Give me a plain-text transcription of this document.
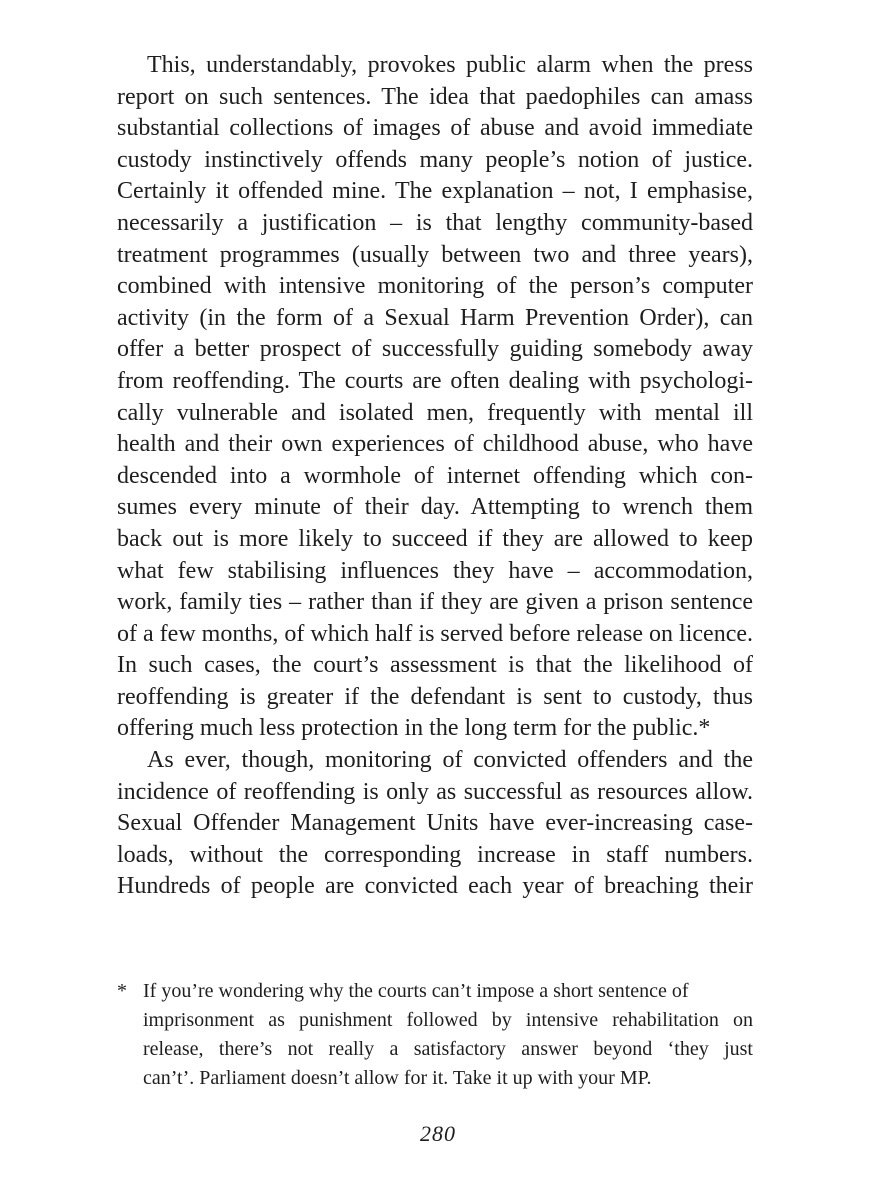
This, understandably, provokes public alarm when the press
report on such sentences. The idea that paedophiles can amass
substantial collections of images of abuse and avoid immediate
custody instinctively offends many people’s notion of justice.
Certainly it offended mine. The explanation – not, I emphasise,
necessarily a justification – is that lengthy community-based
treatment programmes (usually between two and three years),
combined with intensive monitoring of the person’s computer
activity (in the form of a Sexual Harm Prevention Order), can
offer a better prospect of successfully guiding somebody away
from reoffending. The courts are often dealing with psychologi-
cally vulnerable and isolated men, frequently with mental ill
health and their own experiences of childhood abuse, who have
descended into a wormhole of internet offending which con-
sumes every minute of their day. Attempting to wrench them
back out is more likely to succeed if they are allowed to keep
what few stabilising influences they have – accommodation,
work, family ties – rather than if they are given a prison sentence
of a few months, of which half is served before release on licence.
In such cases, the court’s assessment is that the likelihood of
reoffending is greater if the defendant is sent to custody, thus
offering much less protection in the long term for the public.*
As ever, though, monitoring of convicted offenders and the
incidence of reoffending is only as successful as resources allow.
Sexual Offender Management Units have ever-increasing case-
loads, without the corresponding increase in staff numbers.
Hundreds of people are convicted each year of breaching their
* If you’re wondering why the courts can’t impose a short sentence of
imprisonment as punishment followed by intensive rehabilitation on
release, there’s not really a satisfactory answer beyond ‘they just
can’t’. Parliament doesn’t allow for it. Take it up with your MP.
280
